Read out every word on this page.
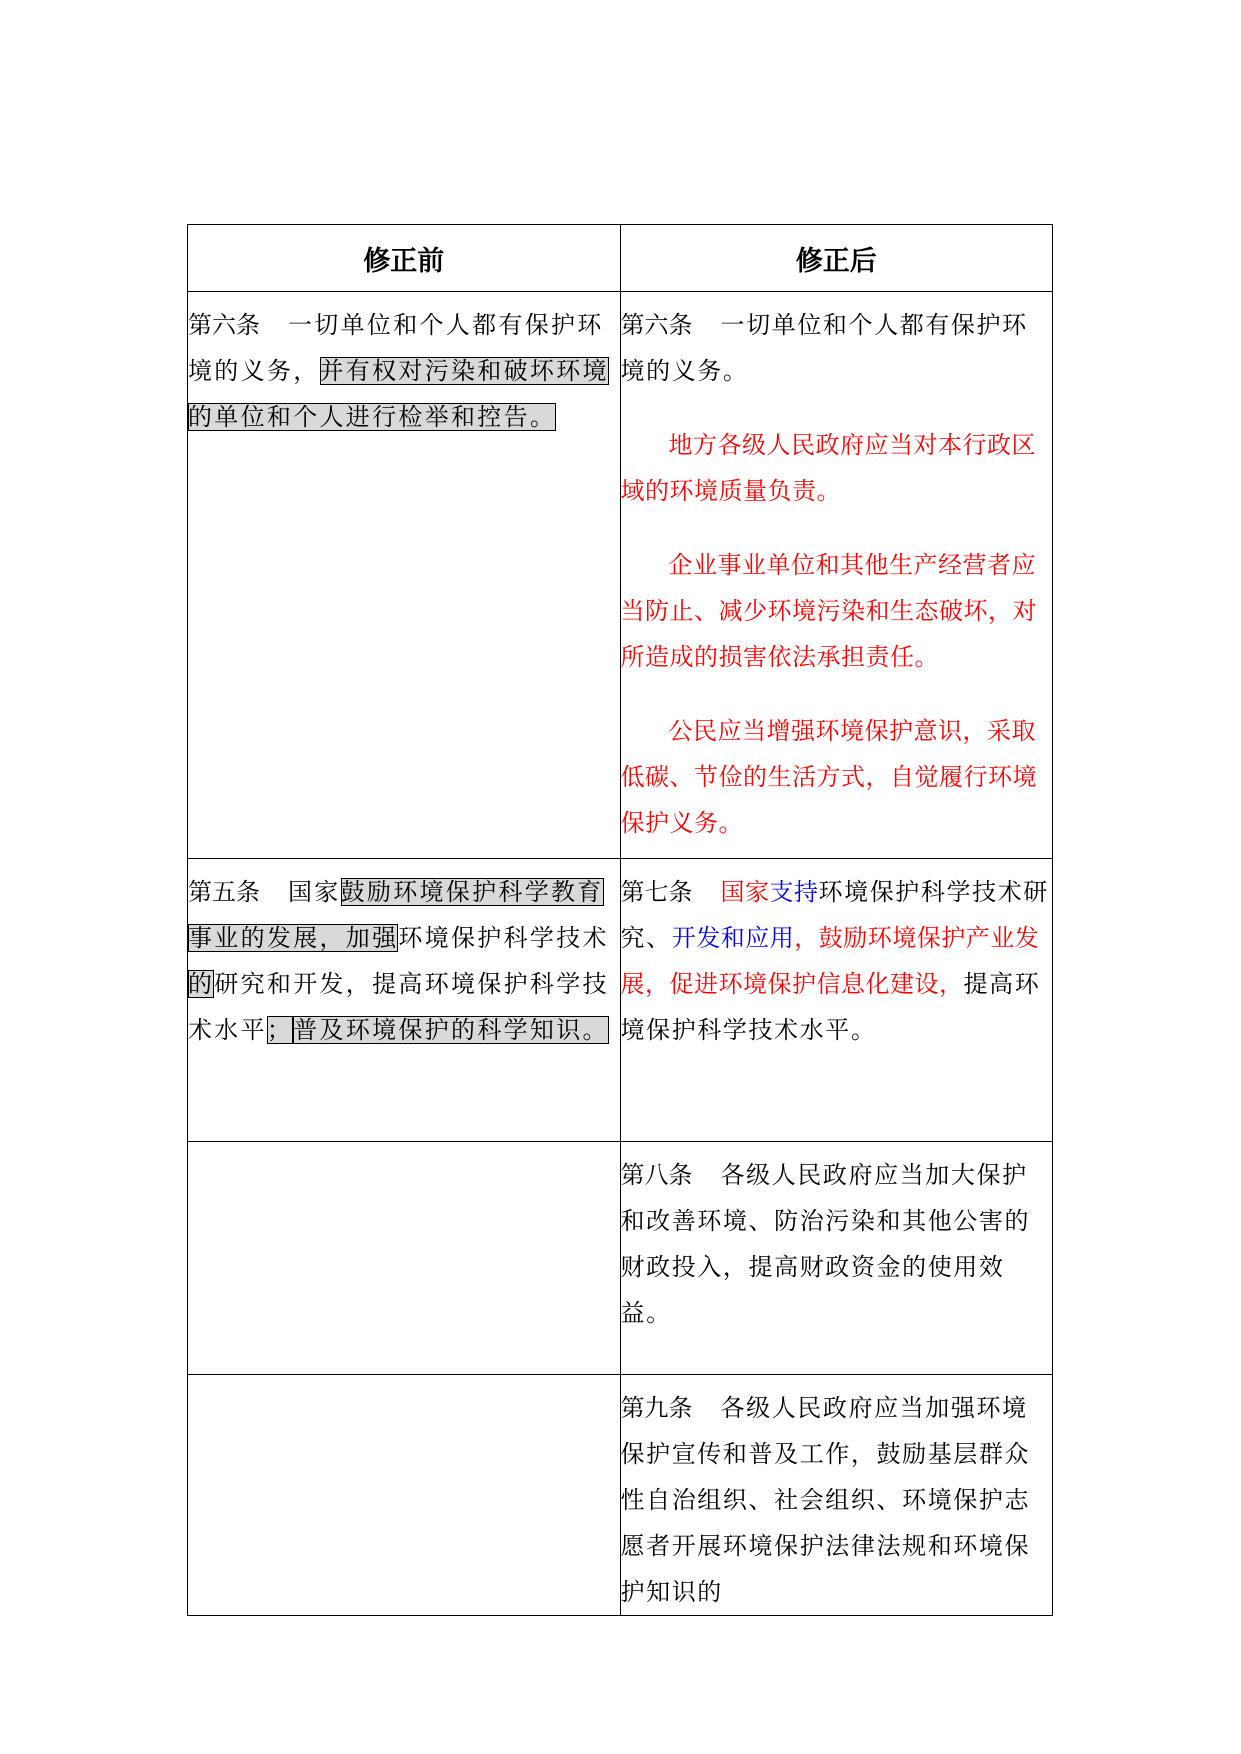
修正前	修正后

第六条 一切单位和个人都有保护环境的义务，并有权对污染和破坏环境的单位和个人进行检举和控告。	第六条 一切单位和个人都有保护环境的义务。

地方各级人民政府应当对本行政区域的环境质量负责。

企业事业单位和其他生产经营者应当防止、减少环境污染和生态破坏，对所造成的损害依法承担责任。

公民应当增强环境保护意识，采取低碳、节俭的生活方式，自觉履行环境保护义务。

第五条 国家鼓励环境保护科学教育事业的发展，加强环境保护科学技术的研究和开发，提高环境保护科学技术水平；普及环境保护的科学知识。	第七条 国家支持环境保护科学技术研究、开发和应用，鼓励环境保护产业发展，促进环境保护信息化建设，提高环境保护科学技术水平。

	第八条 各级人民政府应当加大保护和改善环境、防治污染和其他公害的财政投入，提高财政资金的使用效益。

	第九条 各级人民政府应当加强环境保护宣传和普及工作，鼓励基层群众性自治组织、社会组织、环境保护志愿者开展环境保护法律法规和环境保护知识的
